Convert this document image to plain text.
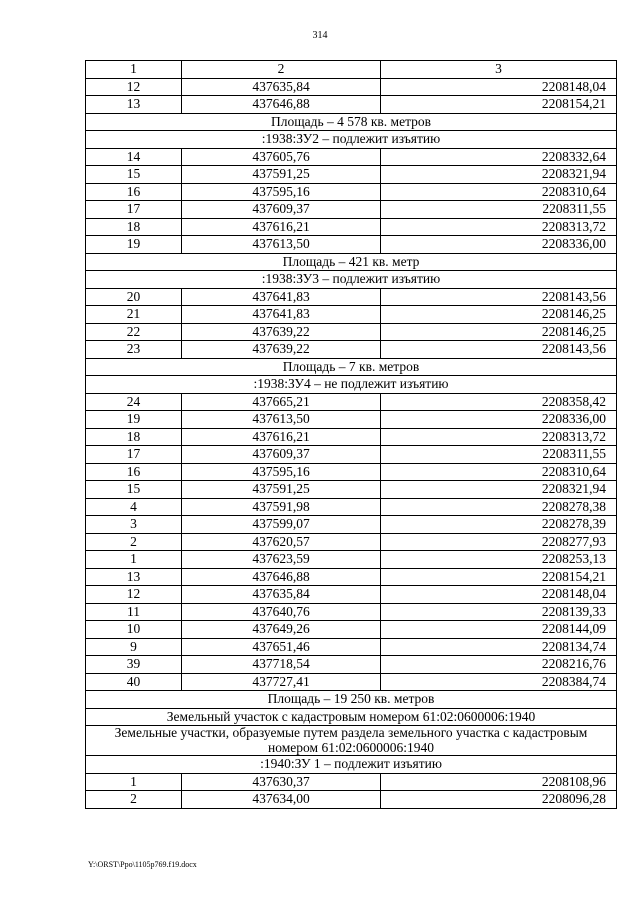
314
1	2	3
12	437635,84	2208148,04
13	437646,88	2208154,21
Площадь – 4 578 кв. метров		
:1938:ЗУ2 – подлежит изъятию		
14	437605,76	2208332,64
15	437591,25	2208321,94
16	437595,16	2208310,64
17	437609,37	2208311,55
18	437616,21	2208313,72
19	437613,50	2208336,00
Площадь – 421 кв. метр		
:1938:ЗУ3 – подлежит изъятию		
20	437641,83	2208143,56
21	437641,83	2208146,25
22	437639,22	2208146,25
23	437639,22	2208143,56
Площадь – 7 кв. метров		
:1938:ЗУ4 – не подлежит изъятию		
24	437665,21	2208358,42
19	437613,50	2208336,00
18	437616,21	2208313,72
17	437609,37	2208311,55
16	437595,16	2208310,64
15	437591,25	2208321,94
4	437591,98	2208278,38
3	437599,07	2208278,39
2	437620,57	2208277,93
1	437623,59	2208253,13
13	437646,88	2208154,21
12	437635,84	2208148,04
11	437640,76	2208139,33
10	437649,26	2208144,09
9	437651,46	2208134,74
39	437718,54	2208216,76
40	437727,41	2208384,74
Площадь – 19 250 кв. метров		
Земельный участок с кадастровым номером 61:02:0600006:1940		
Земельные участки, образуемые путем раздела земельного участка с кадастровым номером 61:02:0600006:1940		
:1940:ЗУ 1 – подлежит изъятию		
1	437630,37	2208108,96
2	437634,00	2208096,28
Y:\ORST\Ppo\1105p769.f19.docx
